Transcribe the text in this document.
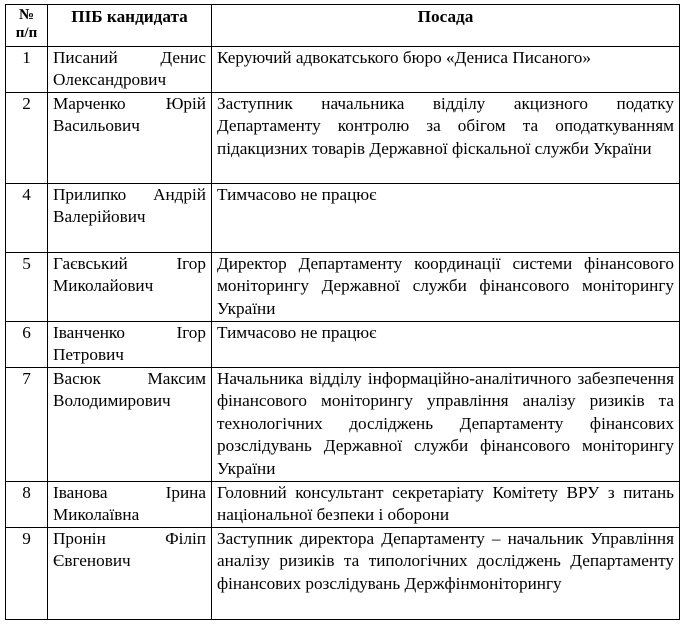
№ п/п	ПІБ кандидата	Посада
1	Писаний Денис Олександрович	Керуючий адвокатського бюро «Дениса Писаного»
2	Марченко Юрій Васильович	Заступник начальника відділу акцизного податку Департаменту контролю за обігом та оподаткуванням підакцизних товарів Державної фіскальної служби України
4	Прилипко Андрій Валерійович	Тимчасово не працює
5	Гаєвський Ігор Миколайович	Директор Департаменту координації системи фінансового моніторингу Державної служби фінансового моніторингу України
6	Іванченко Ігор Петрович	Тимчасово не працює
7	Васюк Максим Володимирович	Начальника відділу інформаційно-аналітичного забезпечення фінансового моніторингу управління аналізу ризиків та технологічних досліджень Департаменту фінансових розслідувань Державної служби фінансового моніторингу України
8	Іванова Ірина Миколаївна	Головний консультант секретаріату Комітету ВРУ з питань національної безпеки і оборони
9	Пронін Філіп Євгенович	Заступник директора Департаменту – начальник Управління аналізу ризиків та типологічних досліджень Департаменту фінансових розслідувань Держфінмоніторингу
